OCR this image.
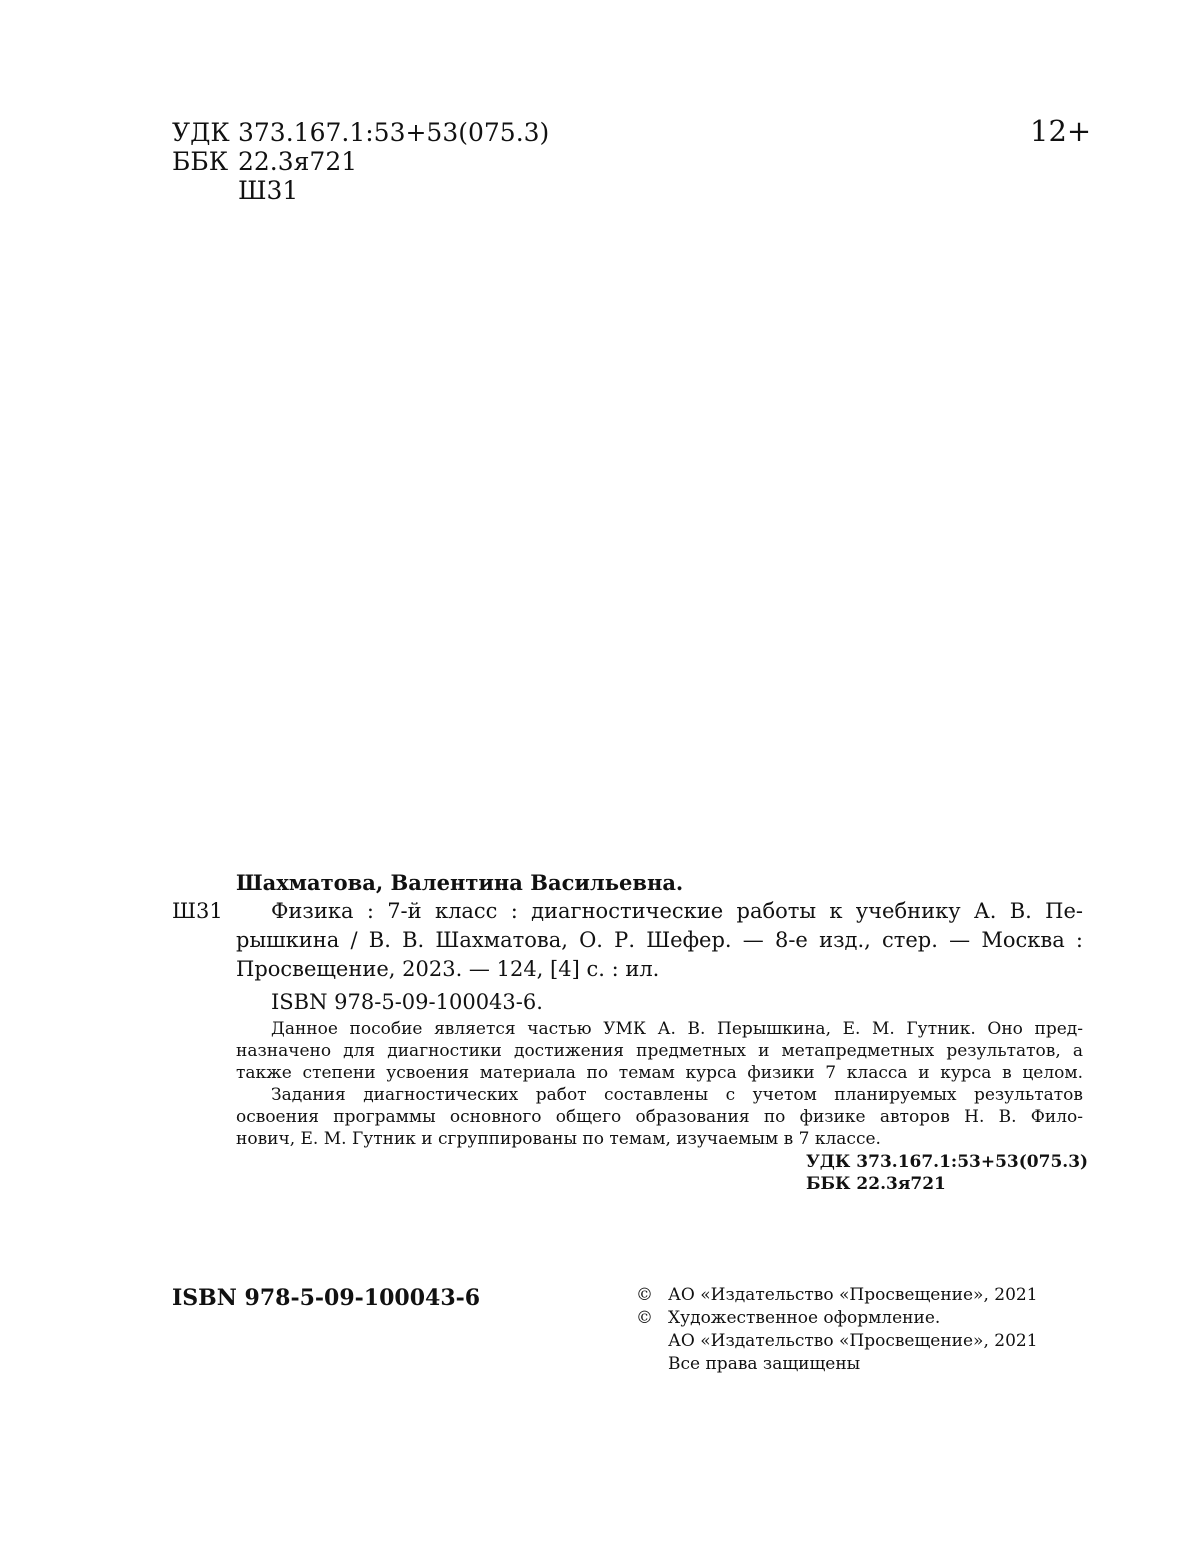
УДК 373.167.1:53+53(075.3)
ББК 22.3я721
Ш31
12+
Шахматова, Валентина Васильевна.
Ш31 Физика : 7-й класс : диагностические работы к учебнику А. В. Пе-
рышкина / В. В. Шахматова, О. Р. Шефер. — 8-е изд., стер. — Москва :
Просвещение, 2023. — 124, [4] с. : ил.
ISBN 978-5-09-100043-6.
Данное пособие является частью УМК А. В. Перышкина, Е. М. Гутник. Оно пред-
назначено для диагностики достижения предметных и метапредметных результатов, а
также степени усвоения материала по темам курса физики 7 класса и курса в целом.
Задания диагностических работ составлены с учетом планируемых результатов
освоения программы основного общего образования по физике авторов Н. В. Фило-
нович, Е. М. Гутник и сгруппированы по темам, изучаемым в 7 классе.
УДК 373.167.1:53+53(075.3)
ББК 22.3я721
ISBN 978-5-09-100043-6	© АО «Издательство «Просвещение», 2021
© Художественное оформление.
АО «Издательство «Просвещение», 2021
Все права защищены
